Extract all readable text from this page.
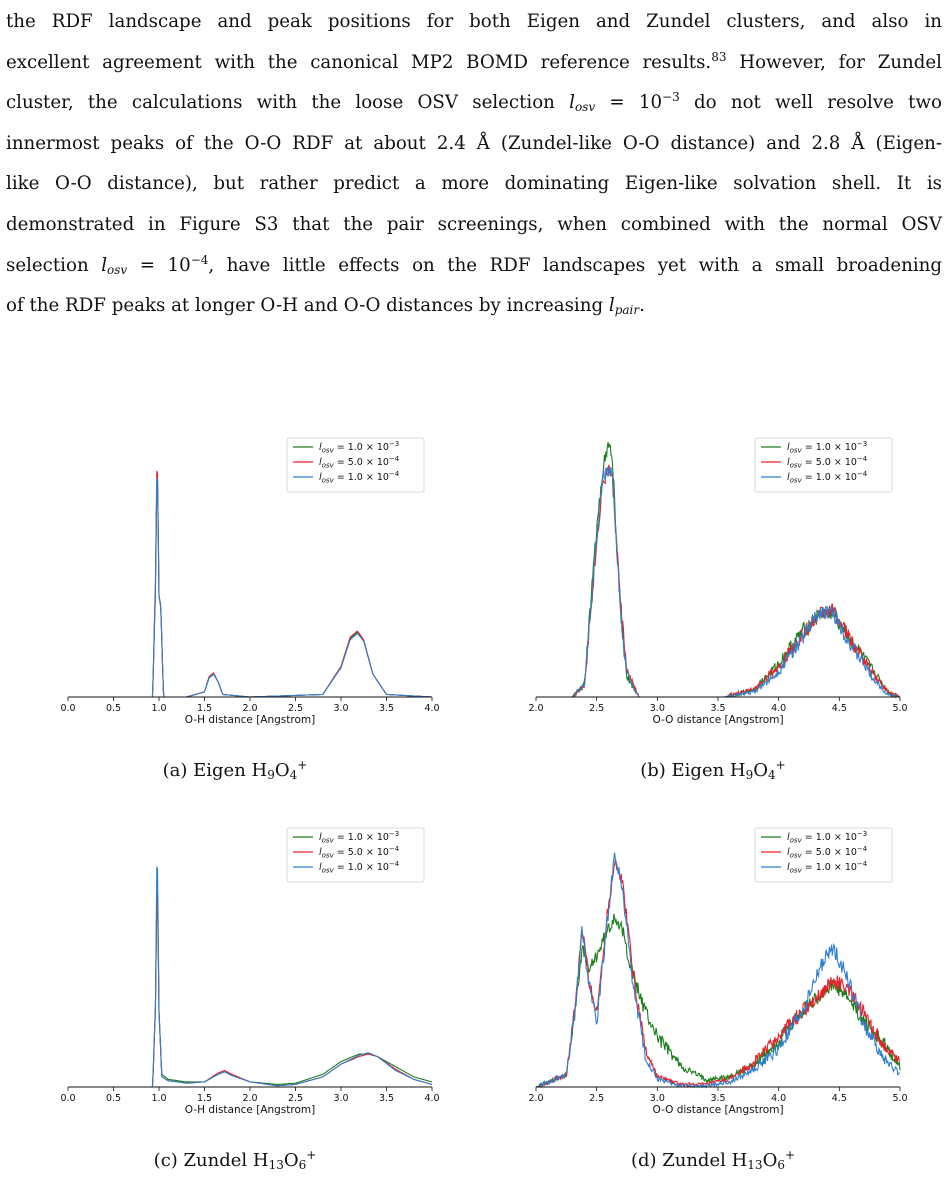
the RDF landscape and peak positions for both Eigen and Zundel clusters, and also in
excellent agreement with the canonical MP2 BOMD reference results.$^{83}$ However, for Zundel
cluster, the calculations with the loose OSV selection $l_{osv} = 10^{-3}$ do not well resolve two
innermost peaks of the O-O RDF at about 2.4 Å (Zundel-like O-O distance) and 2.8 Å (Eigen-
like O-O distance), but rather predict a more dominating Eigen-like solvation shell. It is
demonstrated in Figure S3 that the pair screenings, when combined with the normal OSV
selection $l_{osv} = 10^{-4}$, have little effects on the RDF landscapes yet with a small broadening
of the RDF peaks at longer O-H and O-O distances by increasing $l_{pair}$.
0.0	0.5	1.0	1.5	2.0	2.5	3.0	3.5	4.0
O-H distance [Angstrom]
$l_{osv} = 1.0 \times 10^{-3}$
$l_{osv} = 5.0 \times 10^{-4}$
$l_{osv} = 1.0 \times 10^{-4}$
2.0	2.5	3.0	3.5	4.0	4.5	5.0
O-O distance [Angstrom]
$l_{osv} = 1.0 \times 10^{-3}$
$l_{osv} = 5.0 \times 10^{-4}$
$l_{osv} = 1.0 \times 10^{-4}$
0.0	0.5	1.0	1.5	2.0	2.5	3.0	3.5	4.0
O-H distance [Angstrom]
$l_{osv} = 1.0 \times 10^{-3}$
$l_{osv} = 5.0 \times 10^{-4}$
$l_{osv} = 1.0 \times 10^{-4}$
2.0	2.5	3.0	3.5	4.0	4.5	5.0
O-O distance [Angstrom]
$l_{osv} = 1.0 \times 10^{-3}$
$l_{osv} = 5.0 \times 10^{-4}$
$l_{osv} = 1.0 \times 10^{-4}$
(a) Eigen $H_9O_4^+$	(b) Eigen $H_9O_4^+$
(c) Zundel $H_{13}O_6^+$	(d) Zundel $H_{13}O_6^+$
